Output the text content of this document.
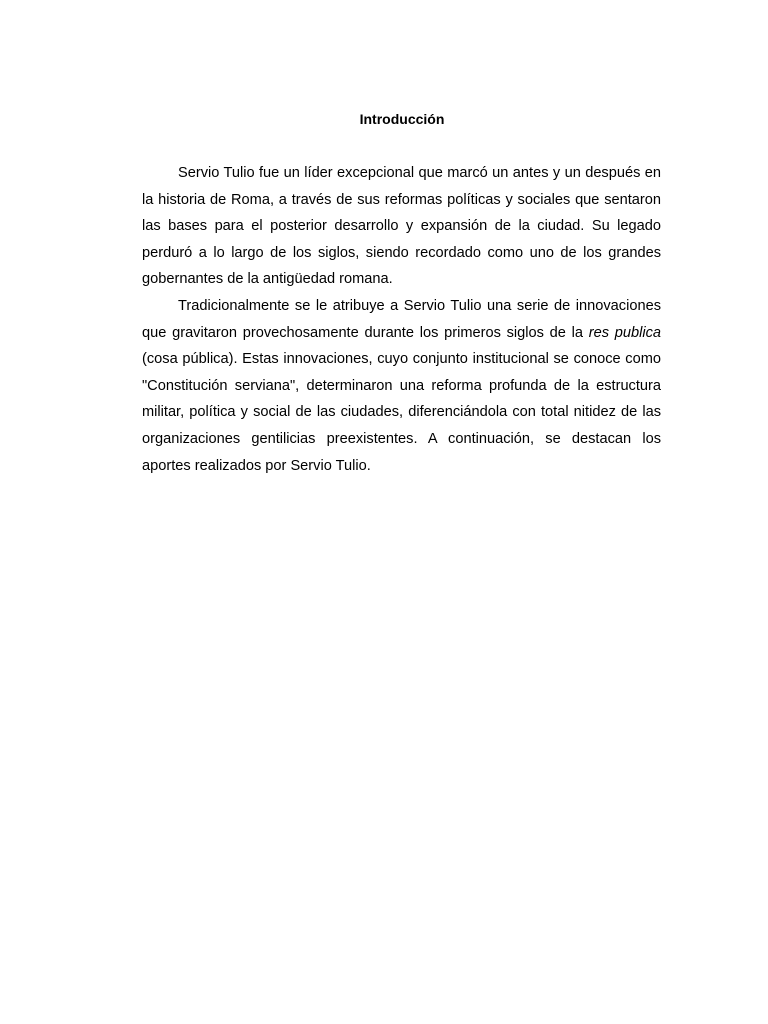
Introducción

Servio Tulio fue un líder excepcional que marcó un antes y un después en la historia de Roma, a través de sus reformas políticas y sociales que sentaron las bases para el posterior desarrollo y expansión de la ciudad. Su legado perduró a lo largo de los siglos, siendo recordado como uno de los grandes gobernantes de la antigüedad romana.

Tradicionalmente se le atribuye a Servio Tulio una serie de innovaciones que gravitaron provechosamente durante los primeros siglos de la res publica (cosa pública). Estas innovaciones, cuyo conjunto institucional se conoce como "Constitución serviana", determinaron una reforma profunda de la estructura militar, política y social de las ciudades, diferenciándola con total nitidez de las organizaciones gentilicias preexistentes. A continuación, se destacan los aportes realizados por Servio Tulio.
